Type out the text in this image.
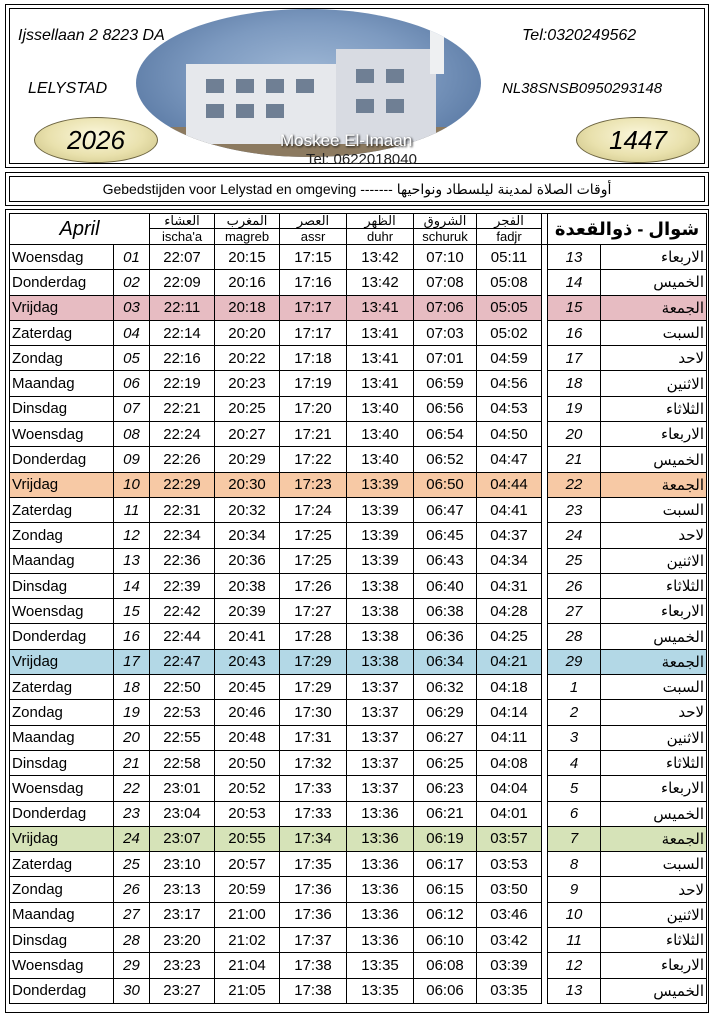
Ijssellaan 2 8223 DA	Tel:0320249562
LELYSTAD	NL38SNSB0950293148
Moskee El-Imaan
Tel: 0622018040
2026	1447
Gebedstijden voor Lelystad en omgeving ------- أوقات الصلاة لمدينة ليلسطاد ونواحيها
April		العشاء	المغرب	العصر	الظهر	الشروق	الفجر		شوال - ذوالقعدة	
		ischa'a	magreb	assr	duhr	schuruk	fadjr			
Woensdag	01	22:07	20:15	17:15	13:42	07:10	05:11		13	الاربعاء
Donderdag	02	22:09	20:16	17:16	13:42	07:08	05:08		14	الخميس
Vrijdag	03	22:11	20:18	17:17	13:41	07:06	05:05		15	الجمعة
Zaterdag	04	22:14	20:20	17:17	13:41	07:03	05:02		16	السبت
Zondag	05	22:16	20:22	17:18	13:41	07:01	04:59		17	لاحد
Maandag	06	22:19	20:23	17:19	13:41	06:59	04:56		18	الاثنين
Dinsdag	07	22:21	20:25	17:20	13:40	06:56	04:53		19	الثلاثاء
Woensdag	08	22:24	20:27	17:21	13:40	06:54	04:50		20	الاربعاء
Donderdag	09	22:26	20:29	17:22	13:40	06:52	04:47		21	الخميس
Vrijdag	10	22:29	20:30	17:23	13:39	06:50	04:44		22	الجمعة
Zaterdag	11	22:31	20:32	17:24	13:39	06:47	04:41		23	السبت
Zondag	12	22:34	20:34	17:25	13:39	06:45	04:37		24	لاحد
Maandag	13	22:36	20:36	17:25	13:39	06:43	04:34		25	الاثنين
Dinsdag	14	22:39	20:38	17:26	13:38	06:40	04:31		26	الثلاثاء
Woensdag	15	22:42	20:39	17:27	13:38	06:38	04:28		27	الاربعاء
Donderdag	16	22:44	20:41	17:28	13:38	06:36	04:25		28	الخميس
Vrijdag	17	22:47	20:43	17:29	13:38	06:34	04:21		29	الجمعة
Zaterdag	18	22:50	20:45	17:29	13:37	06:32	04:18		1	السبت
Zondag	19	22:53	20:46	17:30	13:37	06:29	04:14		2	لاحد
Maandag	20	22:55	20:48	17:31	13:37	06:27	04:11		3	الاثنين
Dinsdag	21	22:58	20:50	17:32	13:37	06:25	04:08		4	الثلاثاء
Woensdag	22	23:01	20:52	17:33	13:37	06:23	04:04		5	الاربعاء
Donderdag	23	23:04	20:53	17:33	13:36	06:21	04:01		6	الخميس
Vrijdag	24	23:07	20:55	17:34	13:36	06:19	03:57		7	الجمعة
Zaterdag	25	23:10	20:57	17:35	13:36	06:17	03:53		8	السبت
Zondag	26	23:13	20:59	17:36	13:36	06:15	03:50		9	لاحد
Maandag	27	23:17	21:00	17:36	13:36	06:12	03:46		10	الاثنين
Dinsdag	28	23:20	21:02	17:37	13:36	06:10	03:42		11	الثلاثاء
Woensdag	29	23:23	21:04	17:38	13:35	06:08	03:39		12	الاربعاء
Donderdag	30	23:27	21:05	17:38	13:35	06:06	03:35		13	الخميس
